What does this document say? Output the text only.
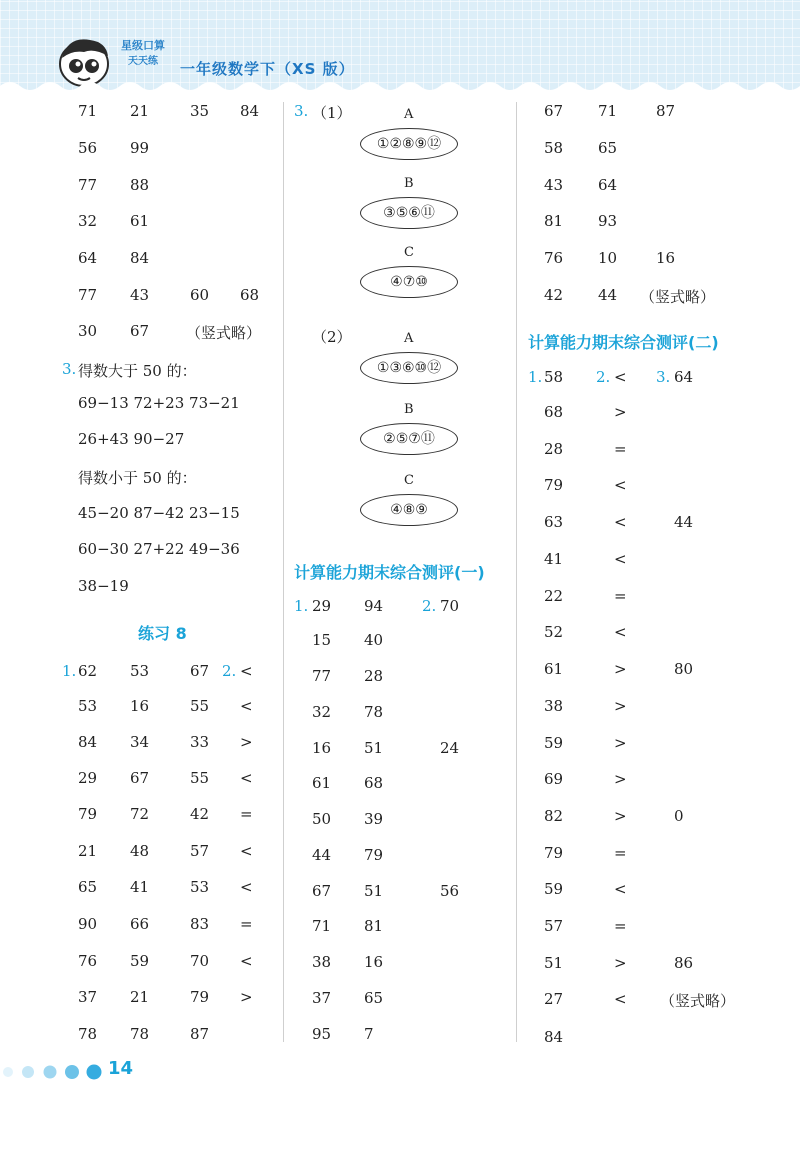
星级口算
天天练	一年级数学下（XS 版）
71 21	35 84
56 99
77 88
32 61
64 84
77 43	60 68
30 67 （竖式略）
3. 得数大于 50 的：
69−13 72+23 73−21
26+43 90−27
得数小于 50 的：
45−20 87−42 23−15
60−30 27+22 49−36
38−19
练习 8
1.	2.
62 53	67 <
53 16	55 <
84 34	33 >
29 67	55 <
79 72	42 =
21 48	57 <
65 41	53 <
90 66	83 =
76 59	70 <
37 21	79 >
78 78	87
3. （1）	A
①②⑧⑨⑫
B
③⑤⑥⑪
C
④⑦⑩
（2）	A
①③⑥⑩⑫
B
②⑤⑦⑪
C
④⑧⑨
计算能力期末综合测评(一)
1.	2. 70
29 94
15 40
77 28
32 78
16 51	24
61 68
50 39
44 79
67 51	56
71 81
38 16
37 65
95 7
67 71	87
58 65
43 64
81 93
76 10	16
42 44 （竖式略）
计算能力期末综合测评(二)
1.	2.	3.
58	<	64
68	>
28	=
79	<
63	<	44
41	<
22	=
52	<
61	>	80
38	>
59	>
69	>
82	>	0
79	=
59	<
57	=
51	>	86
27	< （竖式略）
84
14
